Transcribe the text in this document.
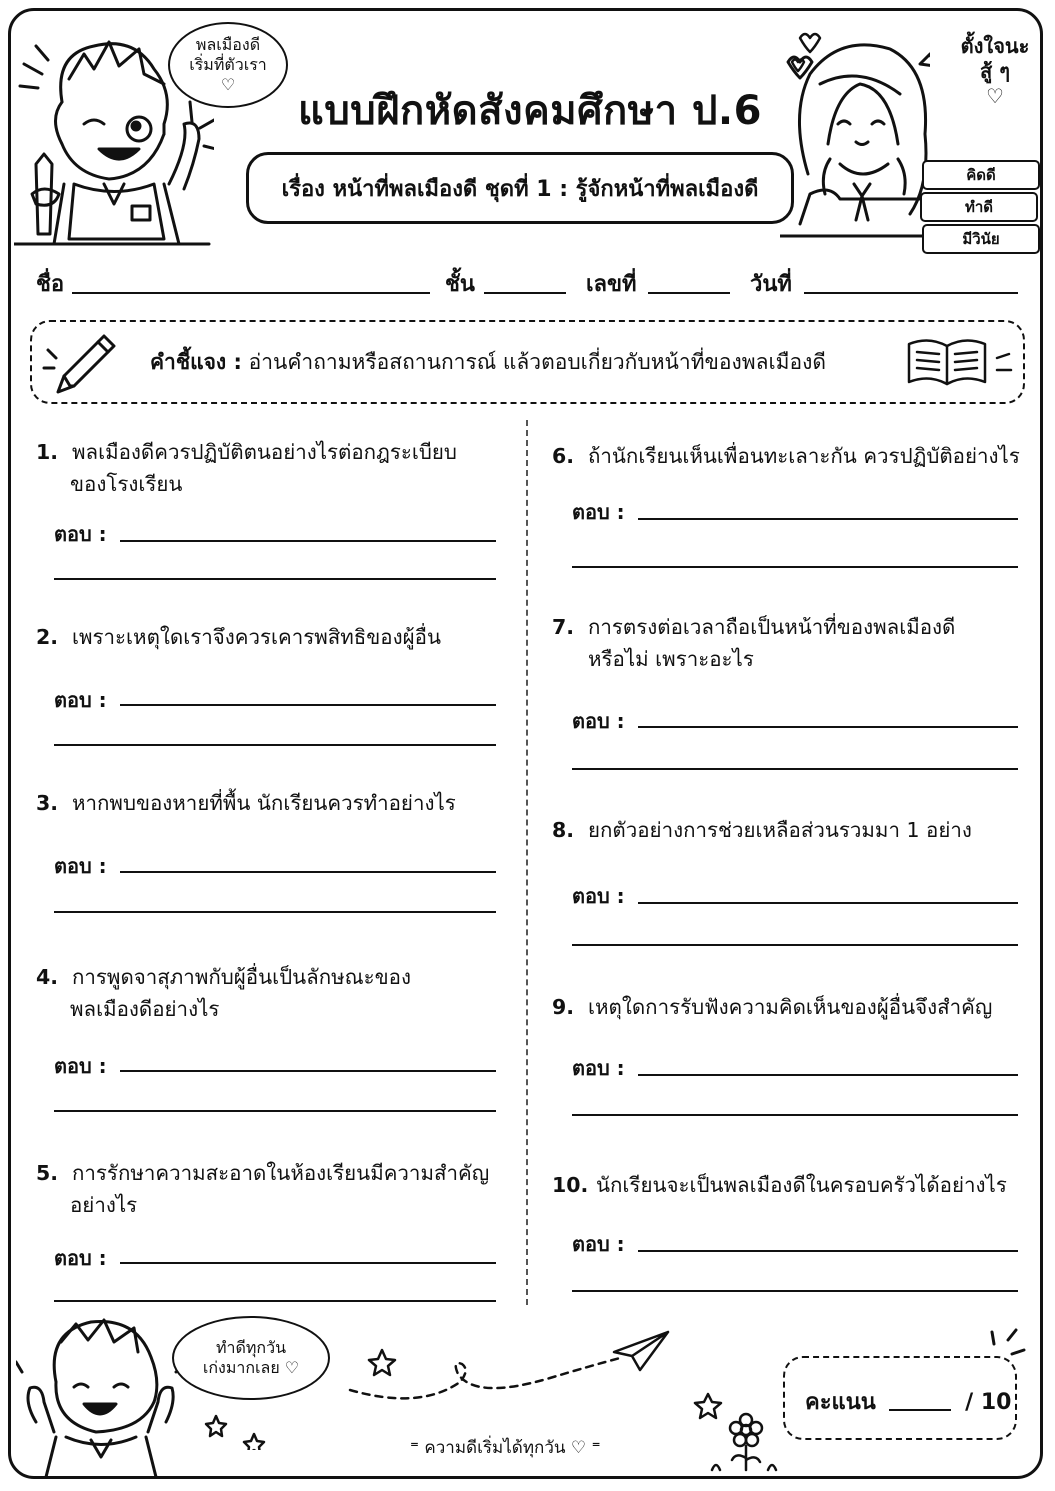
พลเมืองดี
เริ่มที่ตัวเรา
♡
แบบฝึกหัดสังคมศึกษา ป.6
เรื่อง หน้าที่พลเมืองดี ชุดที่ 1 : รู้จักหน้าที่พลเมืองดี
ตั้งใจนะ
สู้ ๆ
♡
คิดดี
ทำดี
มีวินัย
ชื่อ	ชั้น	เลขที่	วันที่
คำชี้แจง : อ่านคำถามหรือสถานการณ์ แล้วตอบเกี่ยวกับหน้าที่ของพลเมืองดี
1. พลเมืองดีควรปฏิบัติตนอย่างไรต่อกฎระเบียบ
ของโรงเรียน
ตอบ :
2. เพราะเหตุใดเราจึงควรเคารพสิทธิของผู้อื่น
ตอบ :
3. หากพบของหายที่พื้น นักเรียนควรทำอย่างไร
ตอบ :
4. การพูดจาสุภาพกับผู้อื่นเป็นลักษณะของ
พลเมืองดีอย่างไร
ตอบ :
5. การรักษาความสะอาดในห้องเรียนมีความสำคัญ
อย่างไร
ตอบ :
6. ถ้านักเรียนเห็นเพื่อนทะเลาะกัน ควรปฏิบัติอย่างไร
ตอบ :
7. การตรงต่อเวลาถือเป็นหน้าที่ของพลเมืองดี
หรือไม่ เพราะอะไร
ตอบ :
8. ยกตัวอย่างการช่วยเหลือส่วนรวมมา 1 อย่าง
ตอบ :
9. เหตุใดการรับฟังความคิดเห็นของผู้อื่นจึงสำคัญ
ตอบ :
10. นักเรียนจะเป็นพลเมืองดีในครอบครัวได้อย่างไร
ตอบ :
ทำดีทุกวัน
เก่งมากเลย ♡
คะแนน	/ 10
⁼ ความดีเริ่มได้ทุกวัน ♡ ⁼
